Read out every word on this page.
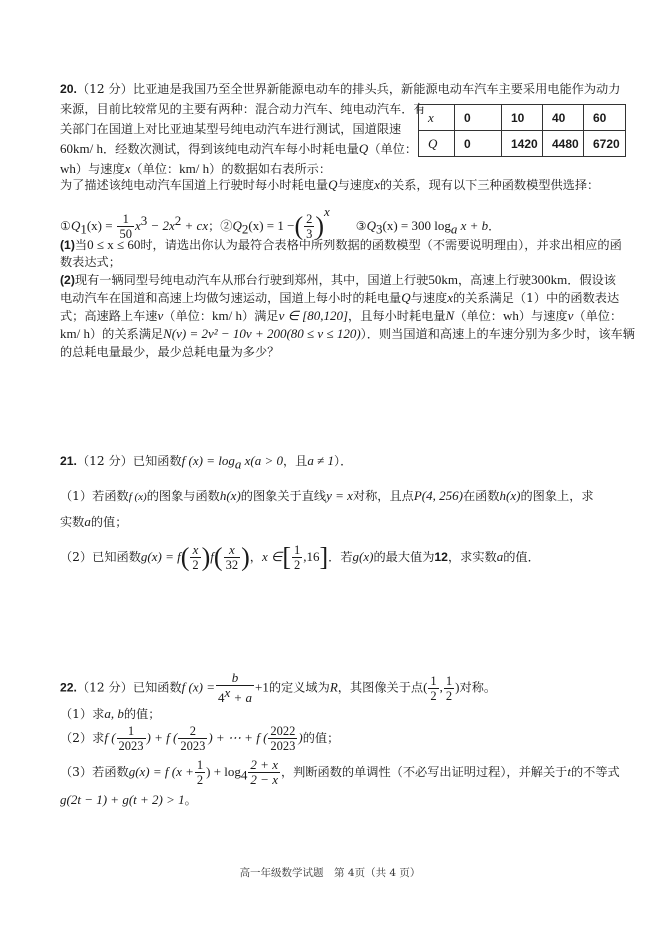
20.（12 分）比亚迪是我国乃至全世界新能源电动车的排头兵，新能源电动车汽车主要采用电能作为动力
来源，目前比较常见的主要有两种：混合动力汽车、纯电动汽车．有
关部门在国道上对比亚迪某型号纯电动汽车进行测试，国道限速
60km/ h．经数次测试，得到该纯电动汽车每小时耗电量Q（单位：
wh）与速度x（单位：km/ h）的数据如右表所示：
为了描述该纯电动汽车国道上行驶时每小时耗电量Q与速度x的关系，现有以下三种函数模型供选择：
x	0	10	40	60
Q	0	1420	4480	6720
$①Q_1(x) = \frac{1}{50} x^3 - 2x^2$ + cx；$②Q_2(x) = 1$ −( $\frac{2}{3} )^x$ $③Q_3(x) = 300$ $\log_a x + b$．
(1)当0 ≤ x ≤ 60时，请选出你认为最符合表格中所列数据的函数模型（不需要说明理由），并求出相应的函
数表达式；
(2)现有一辆同型号纯电动汽车从邢台行驶到郑州，其中，国道上行驶50km，高速上行驶300km．假设该
电动汽车在国道和高速上均做匀速运动，国道上每小时的耗电量Q与速度x的关系满足（1）中的函数表达
式；高速路上车速v（单位：km/ h）满足v ∈ [80,120]，且每小时耗电量N（单位：wh）与速度v（单位：
km/ h）的关系满足N(v) = 2v² − 10v + 200(80 ≤ v ≤ 120)）．则当国道和高速上的车速分别为多少时，该车辆
的总耗电量最少，最少总耗电量为多少？
21.（12 分）已知函数f $(x) = \log_a x(a > 0$，且a ≠ 1）．
（1）若函数f (x)的图象与函数h(x)的图象关于直线y = x对称，且点P(4, 256)在函数h(x)的图象上，求
实数a的值；
（2）已知函数$g(x) = f( \frac{x}{2} )f( \frac{x}{32}$ )，x ∈[ $\frac{1}{2} ,16$]．若g(x)的最大值为12，求实数a的值．
22.（12 分）已知函数f $(x) = \frac{b}{4^x + a} +1$的定义域为R，其图像关于点( $\frac{1}{2}$ , $\frac{1}{2}$ )对称。
（1）求a, b的值；
（2）求f ( $\frac{1}{2023}$ ) + f ( $\frac{2}{2023}$ ) + ⋯ + f ( $\frac{2022}{2023}$ )的值；
（3）若函数g(x) = f ($x + \frac{1}{2}$ ) + $\log_4 \frac{2 + x}{2 - x}$ ，判断函数的单调性（不必写出证明过程），并解关于t的不等式
g(2t − 1) + g(t + 2) > 1。
高一年级数学试题　第 4页（共 4 页）
